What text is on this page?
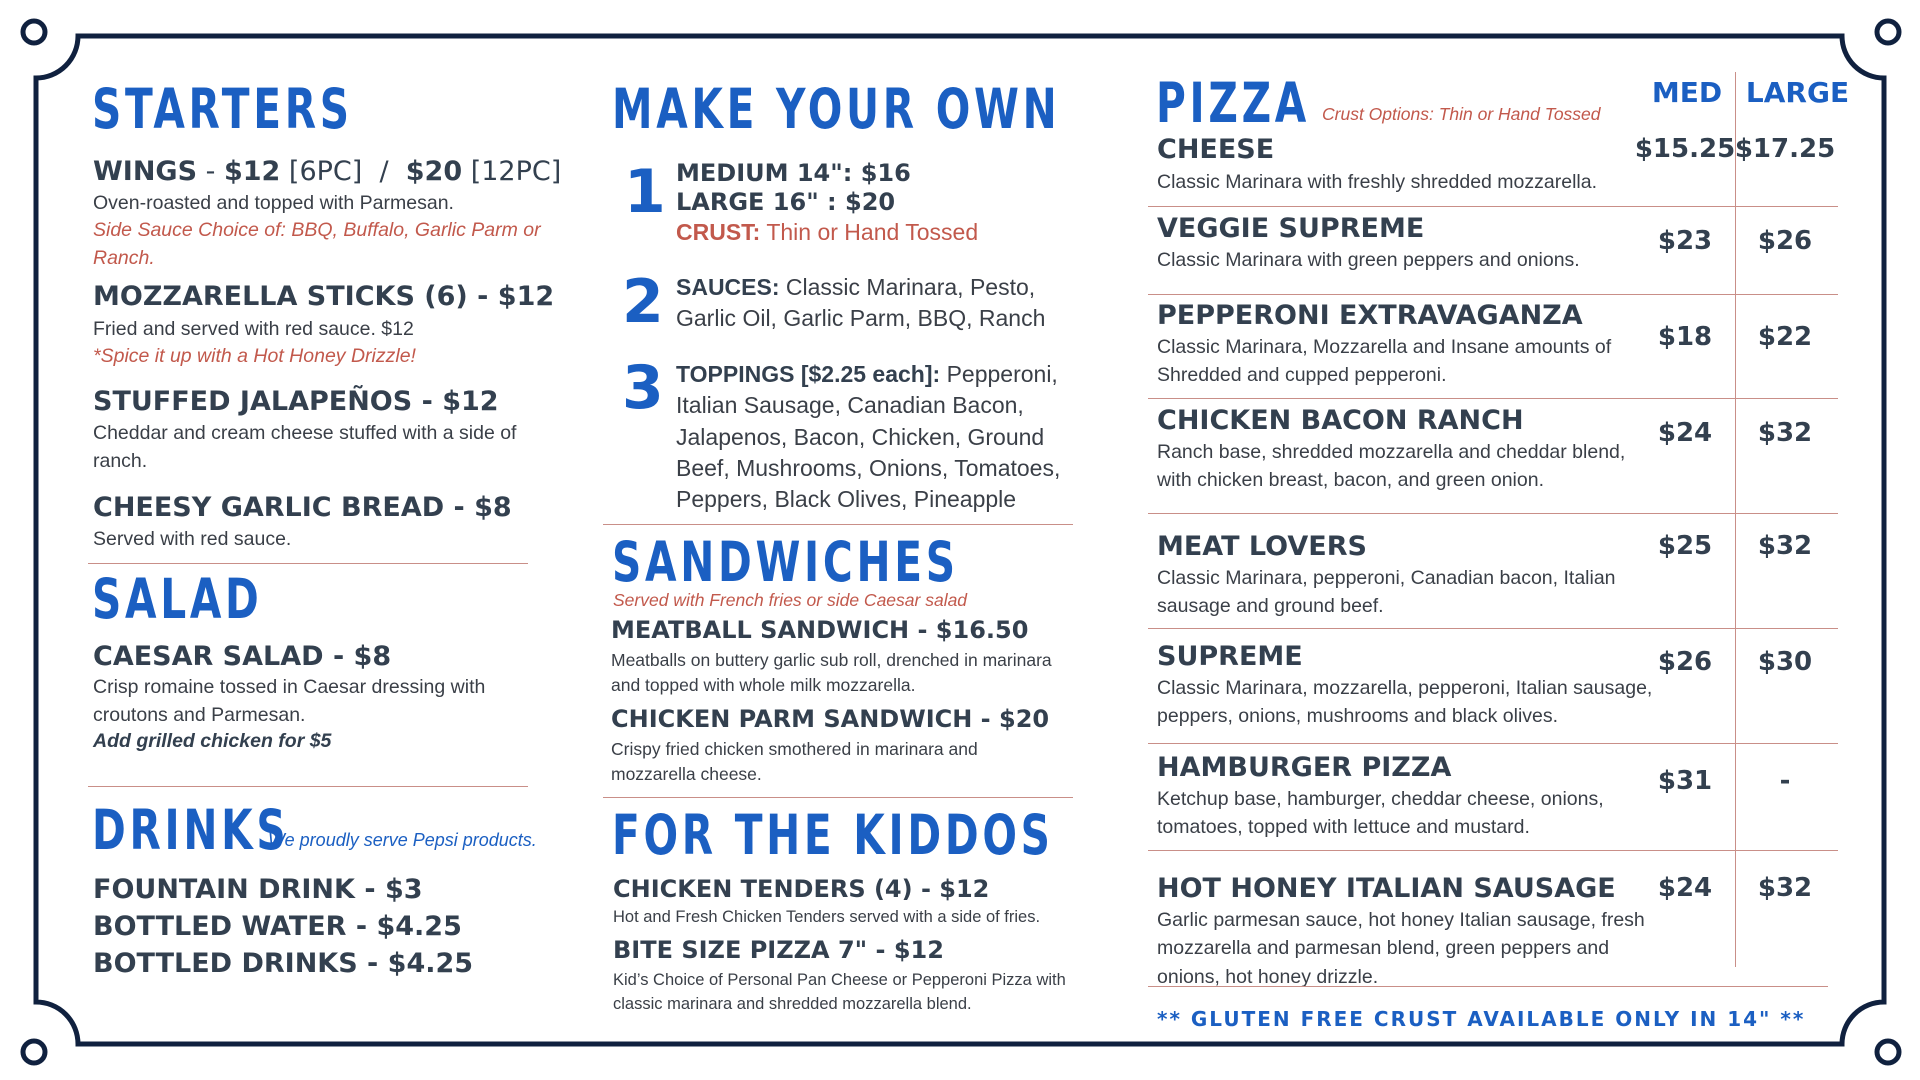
STARTERS
WINGS - $12 [6PC]  /  $20 [12PC]
Oven-roasted and topped with Parmesan.
Side Sauce Choice of: BBQ, Buffalo, Garlic Parm or Ranch.
MOZZARELLA STICKS (6) - $12
Fried and served with red sauce. $12
*Spice it up with a Hot Honey Drizzle!
STUFFED JALAPEÑOS - $12
Cheddar and cream cheese stuffed with a side of ranch.
CHEESY GARLIC BREAD - $8
Served with red sauce.
SALAD
CAESAR SALAD - $8
Crisp romaine tossed in Caesar dressing with croutons and Parmesan.
Add grilled chicken for $5
DRINKS
We proudly serve Pepsi products.
FOUNTAIN DRINK - $3
BOTTLED WATER - $4.25
BOTTLED DRINKS - $4.25
MAKE YOUR OWN
1 MEDIUM 14": $16
LARGE 16" : $20
CRUST: Thin or Hand Tossed
2 SAUCES: Classic Marinara, Pesto, Garlic Oil, Garlic Parm, BBQ, Ranch
3 TOPPINGS [$2.25 each]: Pepperoni, Italian Sausage, Canadian Bacon, Jalapenos, Bacon, Chicken, Ground Beef, Mushrooms, Onions, Tomatoes, Peppers, Black Olives, Pineapple
SANDWICHES
Served with French fries or side Caesar salad
MEATBALL SANDWICH - $16.50
Meatballs on buttery garlic sub roll, drenched in marinara and topped with whole milk mozzarella.
CHICKEN PARM SANDWICH - $20
Crispy fried chicken smothered in marinara and mozzarella cheese.
FOR THE KIDDOS
CHICKEN TENDERS (4) - $12
Hot and Fresh Chicken Tenders served with a side of fries.
BITE SIZE PIZZA 7" - $12
Kid’s Choice of Personal Pan Cheese or Pepperoni Pizza with classic marinara and shredded mozzarella blend.
PIZZA Crust Options: Thin or Hand Tossed
MED LARGE
CHEESE
Classic Marinara with freshly shredded mozzarella.
$15.25 $17.25
VEGGIE SUPREME
Classic Marinara with green peppers and onions.
$23	$26
PEPPERONI EXTRAVAGANZA
Classic Marinara, Mozzarella and Insane amounts of Shredded and cupped pepperoni.
$18	$22
CHICKEN BACON RANCH
Ranch base, shredded mozzarella and cheddar blend, with chicken breast, bacon, and green onion.
$24	$32
MEAT LOVERS
Classic Marinara, pepperoni, Canadian bacon, Italian sausage and ground beef.
$25	$32
SUPREME
Classic Marinara, mozzarella, pepperoni, Italian sausage, peppers, onions, mushrooms and black olives.
$26	$30
HAMBURGER PIZZA
Ketchup base, hamburger, cheddar cheese, onions, tomatoes, topped with lettuce and mustard.
$31	-
HOT HONEY ITALIAN SAUSAGE
Garlic parmesan sauce, hot honey Italian sausage, fresh mozzarella and parmesan blend, green peppers and onions, hot honey drizzle.
$24	$32
** GLUTEN FREE CRUST AVAILABLE ONLY IN 14" **
